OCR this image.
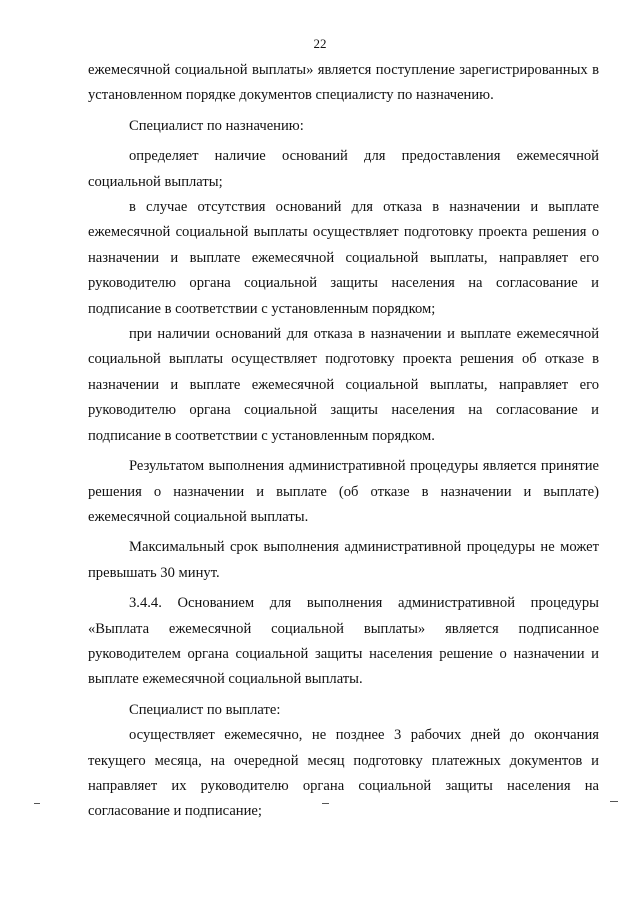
22

ежемесячной социальной выплаты» является поступление зарегистрированных в установленном порядке документов специалисту по назначению.

Специалист по назначению:

определяет наличие оснований для предоставления ежемесячной социальной выплаты;

в случае отсутствия оснований для отказа в назначении и выплате ежемесячной социальной выплаты осуществляет подготовку проекта решения о назначении и выплате ежемесячной социальной выплаты, направляет его руководителю органа социальной защиты населения на согласование и подписание в соответствии с установленным порядком;

при наличии оснований для отказа в назначении и выплате ежемесячной социальной выплаты осуществляет подготовку проекта решения об отказе в назначении и выплате ежемесячной социальной выплаты, направляет его руководителю органа социальной защиты населения на согласование и подписание в соответствии с установленным порядком.

Результатом выполнения административной процедуры является принятие решения о назначении и выплате (об отказе в назначении и выплате) ежемесячной социальной выплаты.

Максимальный срок выполнения административной процедуры не может превышать 30 минут.

3.4.4. Основанием для выполнения административной процедуры «Выплата ежемесячной социальной выплаты» является подписанное руководителем органа социальной защиты населения решение о назначении и выплате ежемесячной социальной выплаты.

Специалист по выплате:

осуществляет ежемесячно, не позднее 3 рабочих дней до окончания текущего месяца, на очередной месяц подготовку платежных документов и направляет их руководителю органа социальной защиты населения на согласование и подписание;
